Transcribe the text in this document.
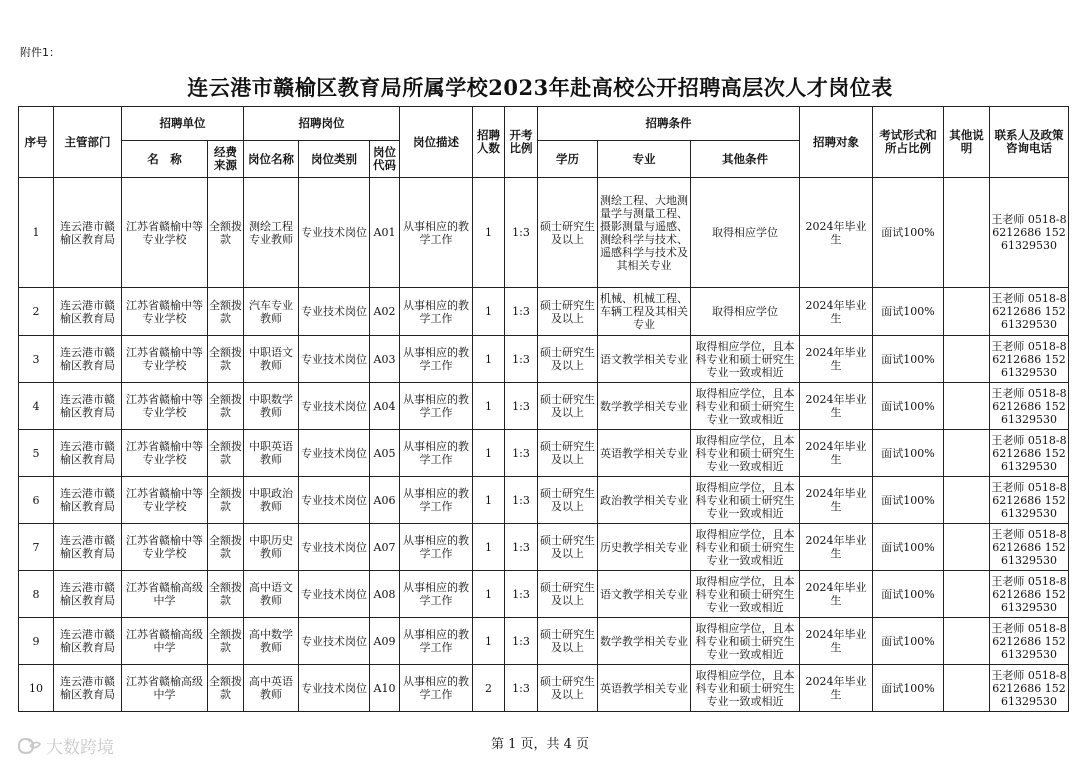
附件1：
连云港市赣榆区教育局所属学校2023年赴高校公开招聘高层次人才岗位表
序号	主管部门	招聘单位		招聘岗位			岗位描述	招聘人数	开考比例	招聘条件			招聘对象	考试形式和所占比例	其他说明	联系人及政策咨询电话
		名　称	经费来源	岗位名称	岗位类别	岗位代码				学历	专业	其他条件				
1	连云港市赣榆区教育局	江苏省赣榆中等专业学校	全额拨款	测绘工程专业教师	专业技术岗位	A01	从事相应的教学工作	1	1:3	硕士研究生及以上	测绘工程、大地测量学与测量工程、摄影测量与遥感、测绘科学与技术、遥感科学与技术及其相关专业	取得相应学位	2024年毕业生	面试100%		王老师 0518-86212686 15261329530
2	连云港市赣榆区教育局	江苏省赣榆中等专业学校	全额拨款	汽车专业教师	专业技术岗位	A02	从事相应的教学工作	1	1:3	硕士研究生及以上	机械、机械工程、车辆工程及其相关专业	取得相应学位	2024年毕业生	面试100%		王老师 0518-86212686 15261329530
3	连云港市赣榆区教育局	江苏省赣榆中等专业学校	全额拨款	中职语文教师	专业技术岗位	A03	从事相应的教学工作	1	1:3	硕士研究生及以上	语文教学相关专业	取得相应学位，且本科专业和硕士研究生专业一致或相近	2024年毕业生	面试100%		王老师 0518-86212686 15261329530
4	连云港市赣榆区教育局	江苏省赣榆中等专业学校	全额拨款	中职数学教师	专业技术岗位	A04	从事相应的教学工作	1	1:3	硕士研究生及以上	数学教学相关专业	取得相应学位，且本科专业和硕士研究生专业一致或相近	2024年毕业生	面试100%		王老师 0518-86212686 15261329530
5	连云港市赣榆区教育局	江苏省赣榆中等专业学校	全额拨款	中职英语教师	专业技术岗位	A05	从事相应的教学工作	1	1:3	硕士研究生及以上	英语教学相关专业	取得相应学位，且本科专业和硕士研究生专业一致或相近	2024年毕业生	面试100%		王老师 0518-86212686 15261329530
6	连云港市赣榆区教育局	江苏省赣榆中等专业学校	全额拨款	中职政治教师	专业技术岗位	A06	从事相应的教学工作	1	1:3	硕士研究生及以上	政治教学相关专业	取得相应学位，且本科专业和硕士研究生专业一致或相近	2024年毕业生	面试100%		王老师 0518-86212686 15261329530
7	连云港市赣榆区教育局	江苏省赣榆中等专业学校	全额拨款	中职历史教师	专业技术岗位	A07	从事相应的教学工作	1	1:3	硕士研究生及以上	历史教学相关专业	取得相应学位，且本科专业和硕士研究生专业一致或相近	2024年毕业生	面试100%		王老师 0518-86212686 15261329530
8	连云港市赣榆区教育局	江苏省赣榆高级中学	全额拨款	高中语文教师	专业技术岗位	A08	从事相应的教学工作	1	1:3	硕士研究生及以上	语文教学相关专业	取得相应学位，且本科专业和硕士研究生专业一致或相近	2024年毕业生	面试100%		王老师 0518-86212686 15261329530
9	连云港市赣榆区教育局	江苏省赣榆高级中学	全额拨款	高中数学教师	专业技术岗位	A09	从事相应的教学工作	1	1:3	硕士研究生及以上	数学教学相关专业	取得相应学位，且本科专业和硕士研究生专业一致或相近	2024年毕业生	面试100%		王老师 0518-86212686 15261329530
10	连云港市赣榆区教育局	江苏省赣榆高级中学	全额拨款	高中英语教师	专业技术岗位	A10	从事相应的教学工作	2	1:3	硕士研究生及以上	英语教学相关专业	取得相应学位，且本科专业和硕士研究生专业一致或相近	2024年毕业生	面试100%		王老师 0518-86212686 15261329530
大数跨境	第 1 页，共 4 页
